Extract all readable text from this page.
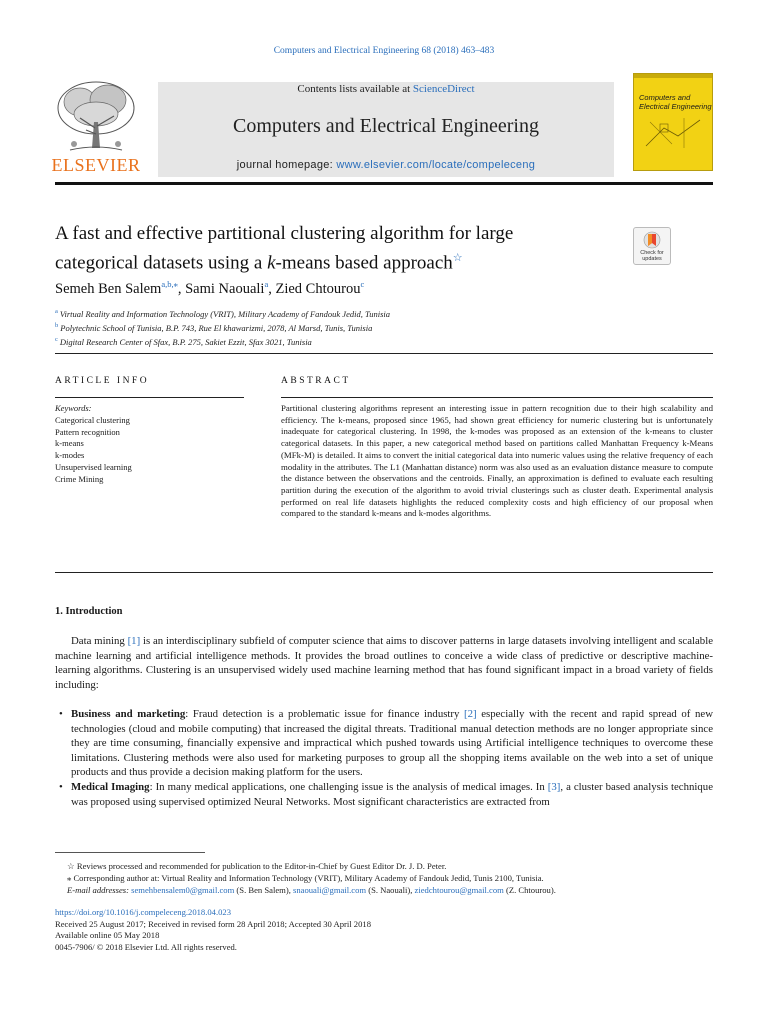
Computers and Electrical Engineering 68 (2018) 463–483
ELSEVIER
Contents lists available at ScienceDirect
Computers and Electrical Engineering
journal homepage: www.elsevier.com/locate/compeleceng
Computers and
Electrical Engineering
A fast and effective partitional clustering algorithm for large
categorical datasets using a k-means based approach☆	Check for
updates
Semeh Ben Salem$^{a,b,⁎}$, Sami Naouali$^a$, Zied Chtourou$^c$
$^a$ Virtual Reality and Information Technology (VRIT), Military Academy of Fandouk Jedid, Tunisia
$^b$ Polytechnic School of Tunisia, B.P. 743, Rue El khawarizmi, 2078, Al Marsd, Tunis, Tunisia
$^c$ Digital Research Center of Sfax, B.P. 275, Sakiet Ezzit, Sfax 3021, Tunisia
ARTICLE INFO
Keywords:
Categorical clustering
Pattern recognition
k-means
k-modes
Unsupervised learning
Crime Mining
ABSTRACT
Partitional clustering algorithms represent an interesting issue in pattern recognition due to their high scalability and efficiency. The k-means, proposed since 1965, had shown great efficiency for numeric clustering but is unfortunately inadequate for categorical clustering. In 1998, the k-modes was proposed as an extension of the k-means to cluster categorical datasets. In this paper, a new categorical method based on partitions called Manhattan Frequency k-Means (MFk-M) is detailed. It aims to convert the initial categorical data into numeric values using the relative frequency of each modality in the attributes. The L1 (Manhattan distance) norm was also used as an evaluation distance measure to compute the distance between the observations and the centroids. Finally, an approximation is defined to evaluate each resulting partition during the execution of the algorithm to avoid trivial clusterings such as cluster death. Experimental analysis performed on real life datasets highlights the reduced complexity costs and high efficiency of our proposal when compared to the standard k-means and k-modes algorithms.
1. Introduction
Data mining [1] is an interdisciplinary subfield of computer science that aims to discover patterns in large datasets involving intelligent and scalable machine learning and artificial intelligence methods. It provides the broad outlines to conceive a wide class of predictive or descriptive machine-learning algorithms. Clustering is an unsupervised widely used machine learning method that has found significant impact in a broad variety of fields including:
• Business and marketing: Fraud detection is a problematic issue for finance industry [2] especially with the recent and rapid spread of new technologies (cloud and mobile computing) that increased the digital threats. Traditional manual detection methods are no longer appropriate since they are time consuming, financially expensive and impractical which pushed towards using Artificial intelligence techniques to overcome these limitations. Clustering methods were also used for marketing purposes to group all the shopping items available on the web into a set of unique products and thus provide a decision making platform for the users.
• Medical Imaging: In many medical applications, one challenging issue is the analysis of medical images. In [3], a cluster based analysis technique was proposed using supervised optimized Neural Networks. Most significant characteristics are extracted from
☆ Reviews processed and recommended for publication to the Editor-in-Chief by Guest Editor Dr. J. D. Peter.
⁎ Corresponding author at: Virtual Reality and Information Technology (VRIT), Military Academy of Fandouk Jedid, Tunis 2100, Tunisia.
E-mail addresses: semehbensalem0@gmail.com (S. Ben Salem), snaouali@gmail.com (S. Naouali), ziedchtourou@gmail.com (Z. Chtourou).
https://doi.org/10.1016/j.compeleceng.2018.04.023
Received 25 August 2017; Received in revised form 28 April 2018; Accepted 30 April 2018
Available online 05 May 2018
0045-7906/ © 2018 Elsevier Ltd. All rights reserved.
